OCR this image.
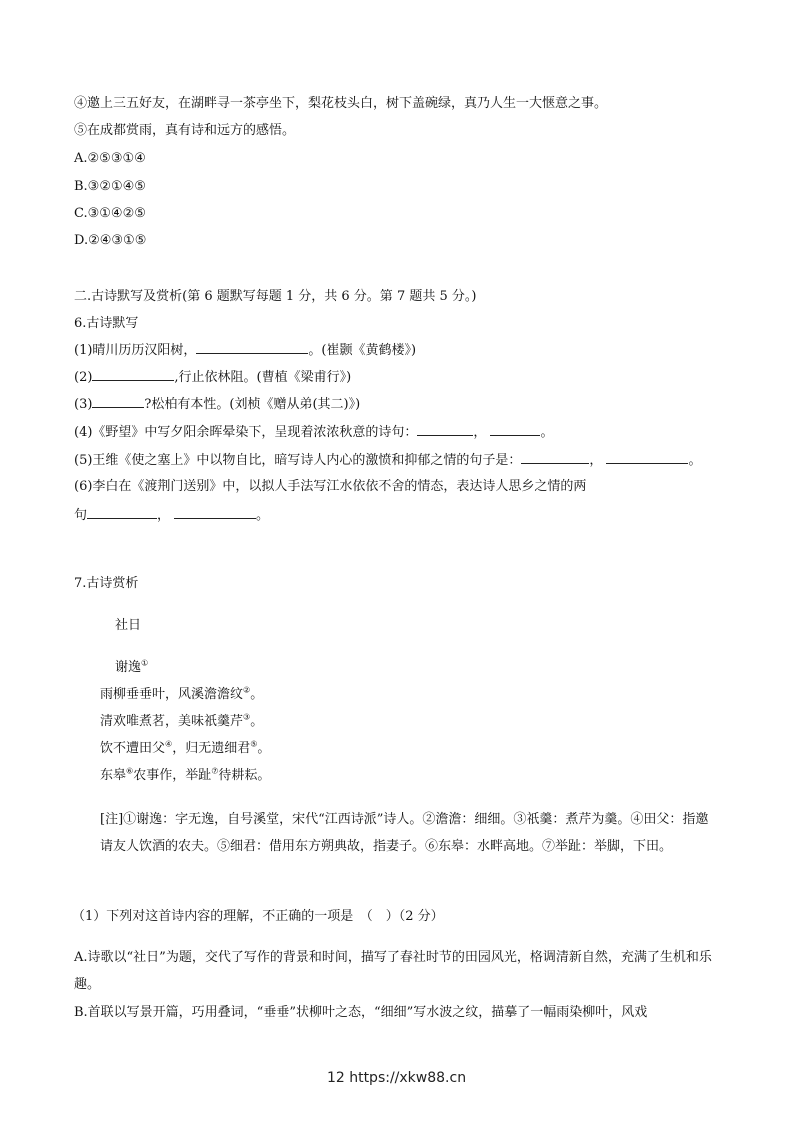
④邀上三五好友，在湖畔寻一茶亭坐下，梨花枝头白，树下盖碗绿，真乃人生一大惬意之事。
⑤在成都赏雨，真有诗和远方的感悟。
A.②⑤③①④
B.③②①④⑤
C.③①④②⑤
D.②④③①⑤
二.古诗默写及赏析(第 6 题默写每题 1 分，共 6 分。第 7 题共 5 分。)
6.古诗默写
(1)晴川历历汉阳树，	。(崔颢《黄鹤楼》)
(2)	,行止依林阻。(曹植《梁甫行》)
(3)	?松柏有本性。(刘桢《赠从弟(其二)》)
(4)《野望》中写夕阳余晖晕染下，呈现着浓浓秋意的诗句：	，	。
(5)王维《使之塞上》中以物自比，暗写诗人内心的激愤和抑郁之情的句子是：	，	。
(6)李白在《渡荆门送别》中，以拟人手法写江水依依不舍的情态，表达诗人思乡之情的两
句	，	。
7.古诗赏析
社日
谢逸①
雨柳垂垂叶，风溪澹澹纹②。
清欢唯煮茗，美味祇羹芹③。
饮不遭田父④，归无遗细君⑤。
东皋⑥农事作，举趾⑦待耕耘。
[注]①谢逸：字无逸，自号溪堂，宋代“江西诗派”诗人。②澹澹：细细。③祇羹：煮芹为羹。④田父：指邀请友人饮酒的农夫。⑤细君：借用东方朔典故，指妻子。⑥东皋：水畔高地。⑦举趾：举脚，下田。
（1）下列对这首诗内容的理解，不正确的一项是　（　）（2 分）
A.诗歌以“社日”为题，交代了写作的背景和时间，描写了春社时节的田园风光，格调清新自然，充满了生机和乐趣。
B.首联以写景开篇，巧用叠词，“垂垂”状柳叶之态，“细细”写水波之纹，描摹了一幅雨染柳叶，风戏
12 https://xkw88.cn
